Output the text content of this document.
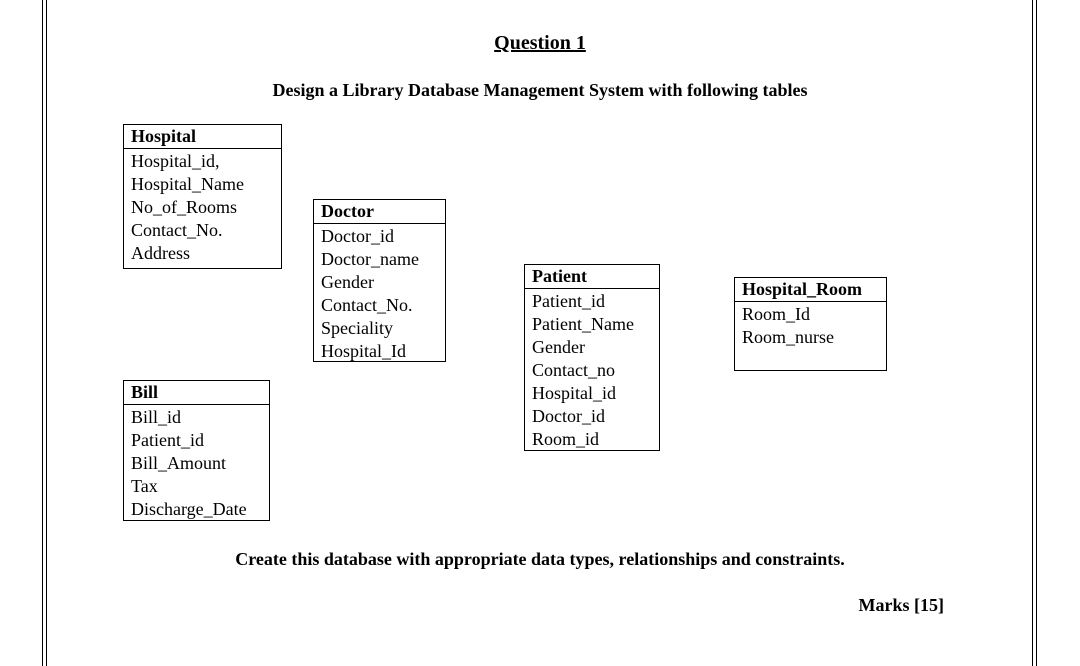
Question 1
Design a Library Database Management System with following tables
Hospital
Hospital_id,
Hospital_Name
No_of_Rooms
Contact_No.
Address
Doctor
Doctor_id
Doctor_name
Gender
Contact_No.
Speciality
Hospital_Id
Patient
Patient_id
Patient_Name
Gender
Contact_no
Hospital_id
Doctor_id
Room_id
Hospital_Room
Room_Id
Room_nurse
Bill
Bill_id
Patient_id
Bill_Amount
Tax
Discharge_Date
Create this database with appropriate data types, relationships and constraints.
Marks [15]
